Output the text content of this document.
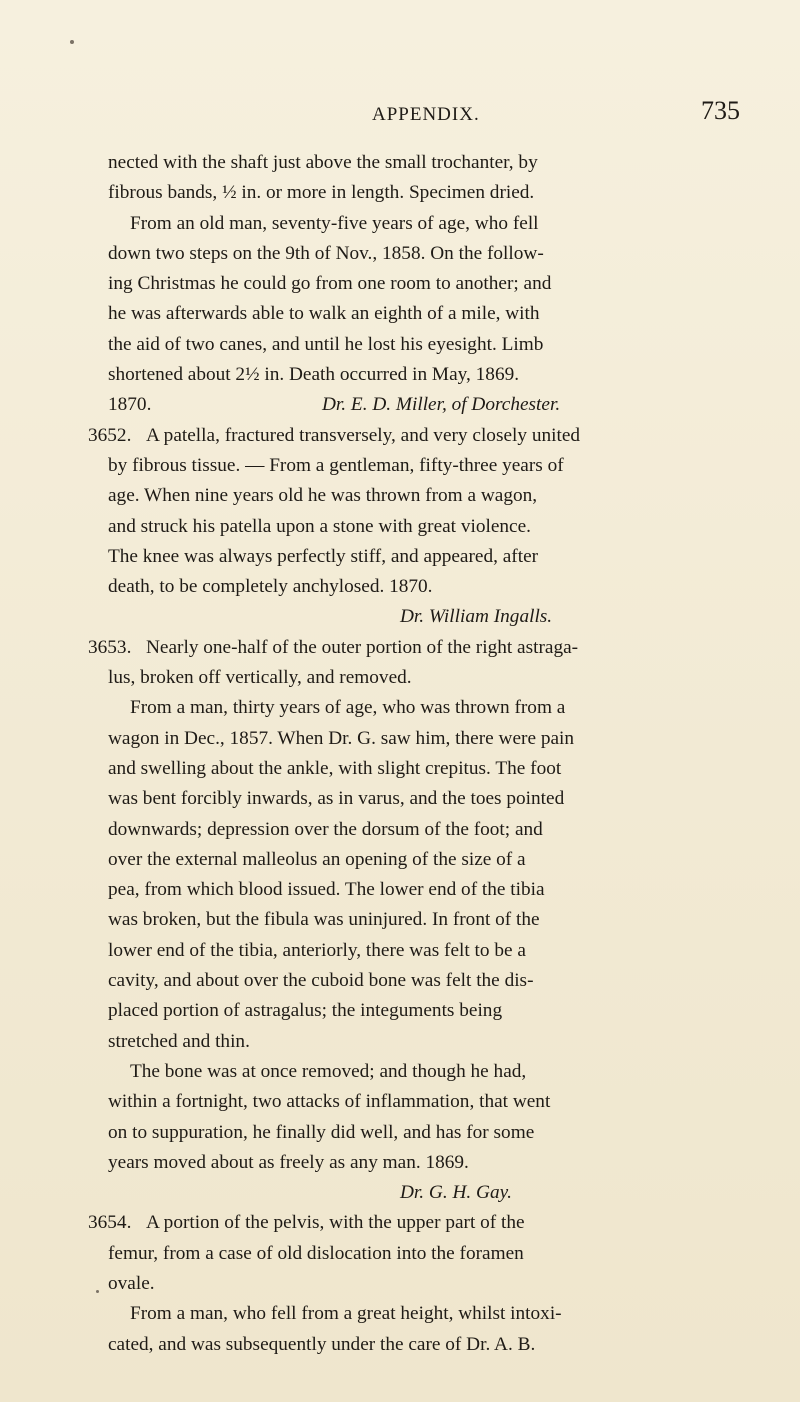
APPENDIX.	735
nected with the shaft just above the small trochanter, by
fibrous bands, ½ in. or more in length. Specimen dried.
From an old man, seventy-five years of age, who fell
down two steps on the 9th of Nov., 1858. On the follow-
ing Christmas he could go from one room to another; and
he was afterwards able to walk an eighth of a mile, with
the aid of two canes, and until he lost his eyesight. Limb
shortened about 2½ in. Death occurred in May, 1869.
1870.	Dr. E. D. Miller, of Dorchester.
3652. A patella, fractured transversely, and very closely united
by fibrous tissue. — From a gentleman, fifty-three years of
age. When nine years old he was thrown from a wagon,
and struck his patella upon a stone with great violence.
The knee was always perfectly stiff, and appeared, after
death, to be completely anchylosed. 1870.
Dr. William Ingalls.
3653. Nearly one-half of the outer portion of the right astraga-
lus, broken off vertically, and removed.
From a man, thirty years of age, who was thrown from a
wagon in Dec., 1857. When Dr. G. saw him, there were pain
and swelling about the ankle, with slight crepitus. The foot
was bent forcibly inwards, as in varus, and the toes pointed
downwards; depression over the dorsum of the foot; and
over the external malleolus an opening of the size of a
pea, from which blood issued. The lower end of the tibia
was broken, but the fibula was uninjured. In front of the
lower end of the tibia, anteriorly, there was felt to be a
cavity, and about over the cuboid bone was felt the dis-
placed portion of astragalus; the integuments being
stretched and thin.
The bone was at once removed; and though he had,
within a fortnight, two attacks of inflammation, that went
on to suppuration, he finally did well, and has for some
years moved about as freely as any man. 1869.
Dr. G. H. Gay.
3654. A portion of the pelvis, with the upper part of the
femur, from a case of old dislocation into the foramen
ovale.
From a man, who fell from a great height, whilst intoxi-
cated, and was subsequently under the care of Dr. A. B.
